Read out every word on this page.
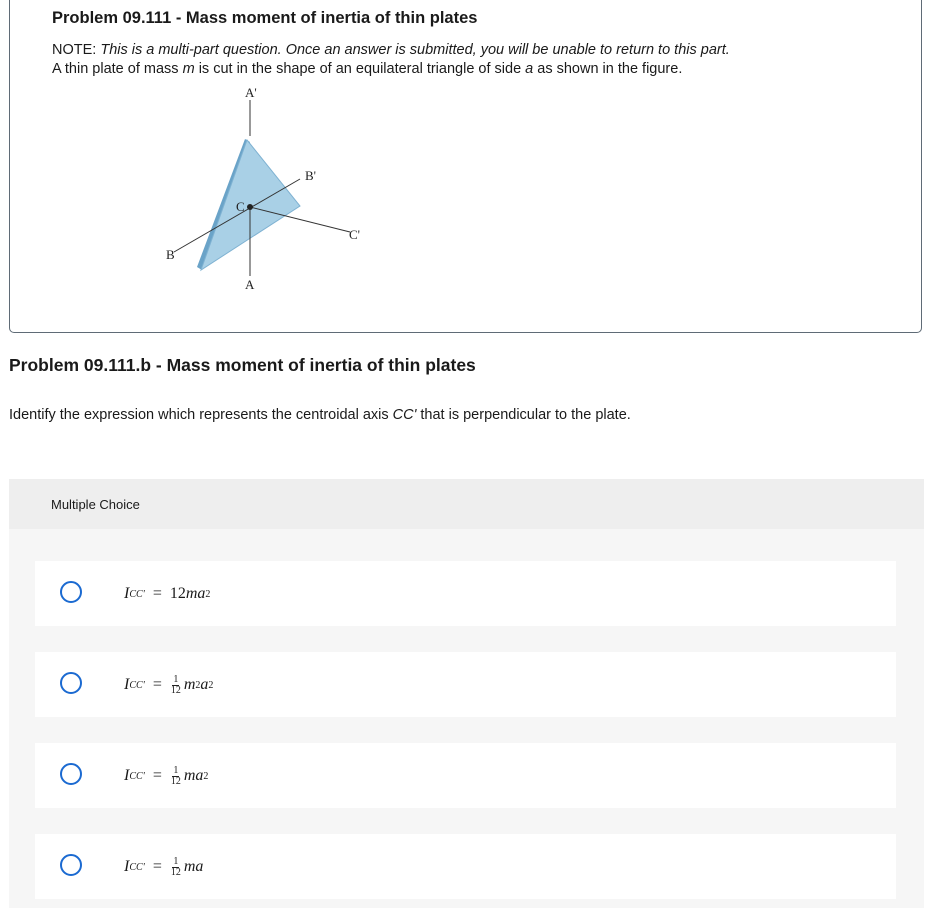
Problem 09.111 - Mass moment of inertia of thin plates
NOTE: This is a multi-part question. Once an answer is submitted, you will be unable to return to this part.
A thin plate of mass m is cut in the shape of an equilateral triangle of side a as shown in the figure.
A'
A
B'
B
C'
C
Problem 09.111.b - Mass moment of inertia of thin plates
Identify the expression which represents the centroidal axis CC' that is perpendicular to the plate.
Multiple Choice
I CC' = 12 ma 2
I $CC' = \frac{1}{12}$ m 2 a 2
I $CC' = \frac{1}{12}$ ma 2
I $CC' = \frac{1}{12}$ ma
